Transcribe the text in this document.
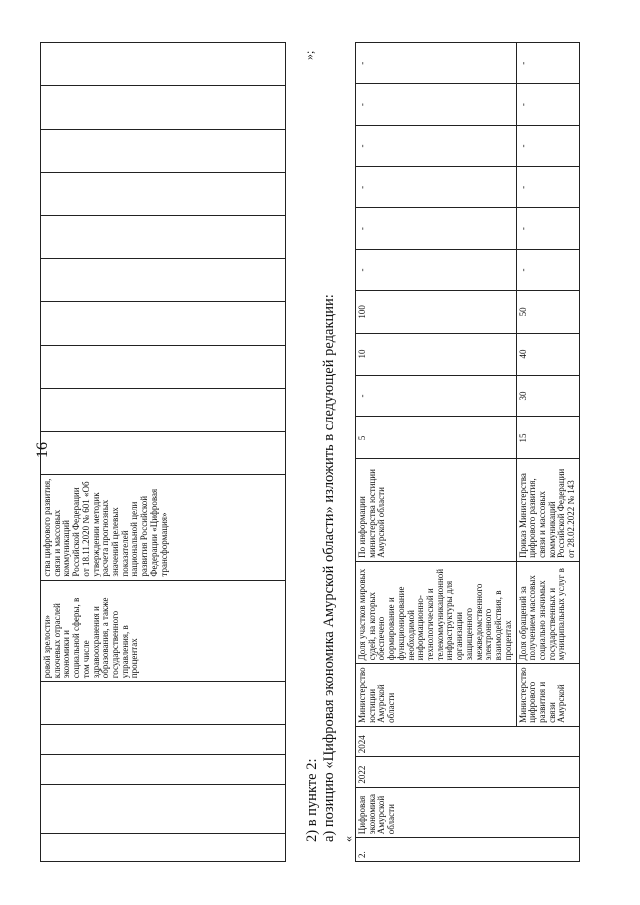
16
					ровой зрелости» ключевых отраслей экономики и социальной сферы, в том числе здравоохранения и образования, а также государственного управления, в процентах	ства цифрового развития, связи и массовых коммуникаций Российской Федерации от 18.11.2020 № 601 «Об утверждении методик расчета прогнозных значений целевых показателей национальной цели развития Российской Федерации «Цифровая трансформация»										
»;
2) в пункте 2: а) позицию «Цифровая экономика Амурской области» изложить в следующей редакции: «
2.	Цифровая экономика Амурской области	2022	2024	Министерство юстиции Амурской области	Доля участков мировых судей, на которых обеспечено формирование и функционирование необходимой информационно-технологической и телекоммуникационной инфраструктуры для организации защищенного межведомственного электронного взаимодействия, в процентах	По информации министерства юстиции Амурской области	5	-	10	100	-	-	-	-	-	-
				Министерство цифрового развития и связи Амурской	Доля обращений за получением массовых социально значимых государственных и муниципальных услуг в	Приказ Министерства цифрового развития, связи и массовых коммуникаций Российской Федерации от 28.02.2022 № 143	15	30	40	50	-	-	-	-	-	-
